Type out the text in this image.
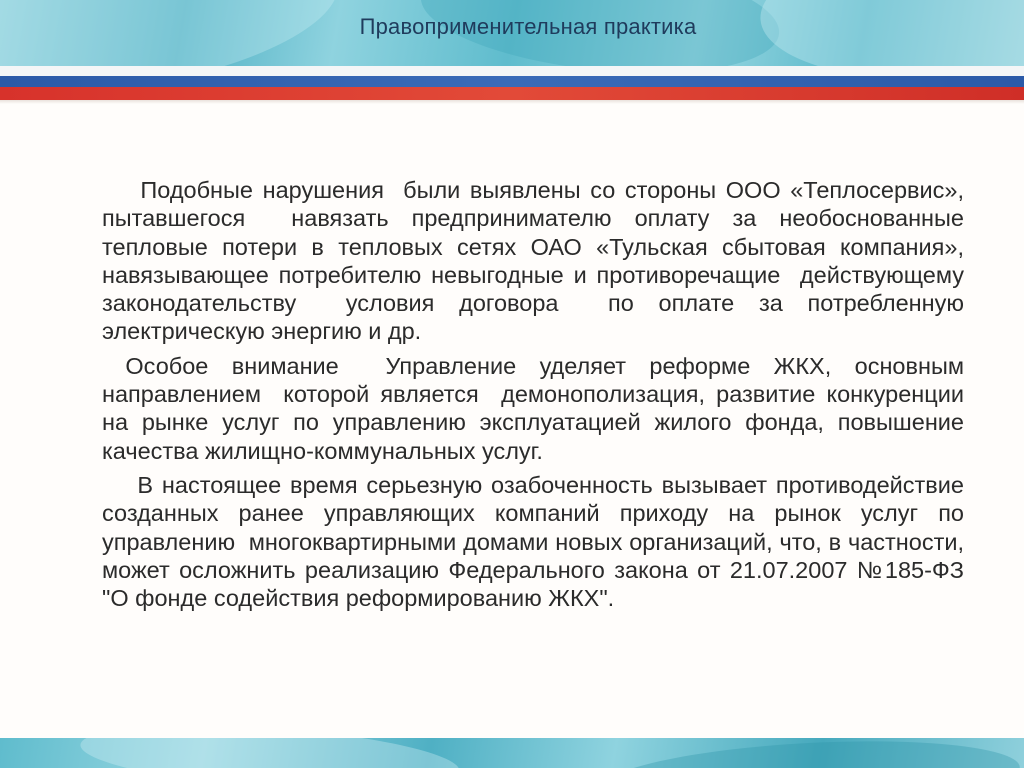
Правоприменительная практика

Подобные нарушения  были выявлены со стороны ООО «Теплосервис», пытавшегося  навязать предпринимателю оплату за необоснованные тепловые потери в тепловых сетях ОАО «Тульская сбытовая компания», навязывающее потребителю невыгодные и противоречащие  действующему законодательству  условия договора  по оплате за потребленную электрическую энергию и др.

Особое внимание  Управление уделяет реформе ЖКХ, основным направлением  которой является  демонополизация, развитие конкуренции на рынке услуг по управлению эксплуатацией жилого фонда, повышение качества жилищно-коммунальных услуг.

В настоящее время серьезную озабоченность вызывает противодействие созданных ранее управляющих компаний приходу на рынок услуг по управлению  многоквартирными домами новых организаций, что, в частности, может осложнить реализацию Федерального закона от 21.07.2007 №185-ФЗ "О фонде содействия реформированию ЖКХ".
